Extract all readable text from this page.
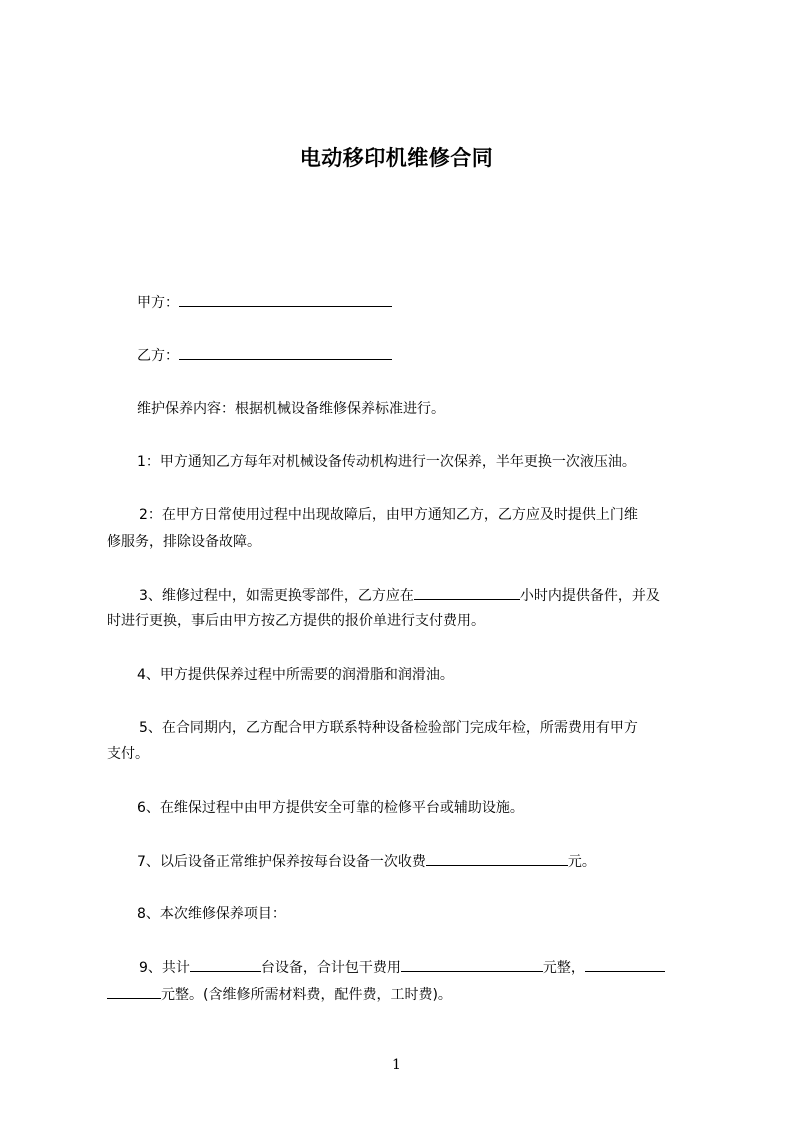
电动移印机维修合同

甲方：

乙方：

维护保养内容：根据机械设备维修保养标准进行。

1：甲方通知乙方每年对机械设备传动机构进行一次保养，半年更换一次液压油。

2：在甲方日常使用过程中出现故障后，由甲方通知乙方，乙方应及时提供上门维

修服务，排除设备故障。

3、维修过程中，如需更换零部件，乙方应在	小时内提供备件，并及

时进行更换，事后由甲方按乙方提供的报价单进行支付费用。

4、甲方提供保养过程中所需要的润滑脂和润滑油。

5、在合同期内，乙方配合甲方联系特种设备检验部门完成年检，所需费用有甲方

支付。

6、在维保过程中由甲方提供安全可靠的检修平台或辅助设施。

7、以后设备正常维护保养按每台设备一次收费	元。

8、本次维修保养项目：

9、共计	台设备，合计包干费用	元整，

元整。(含维修所需材料费，配件费，工时费)。

1
